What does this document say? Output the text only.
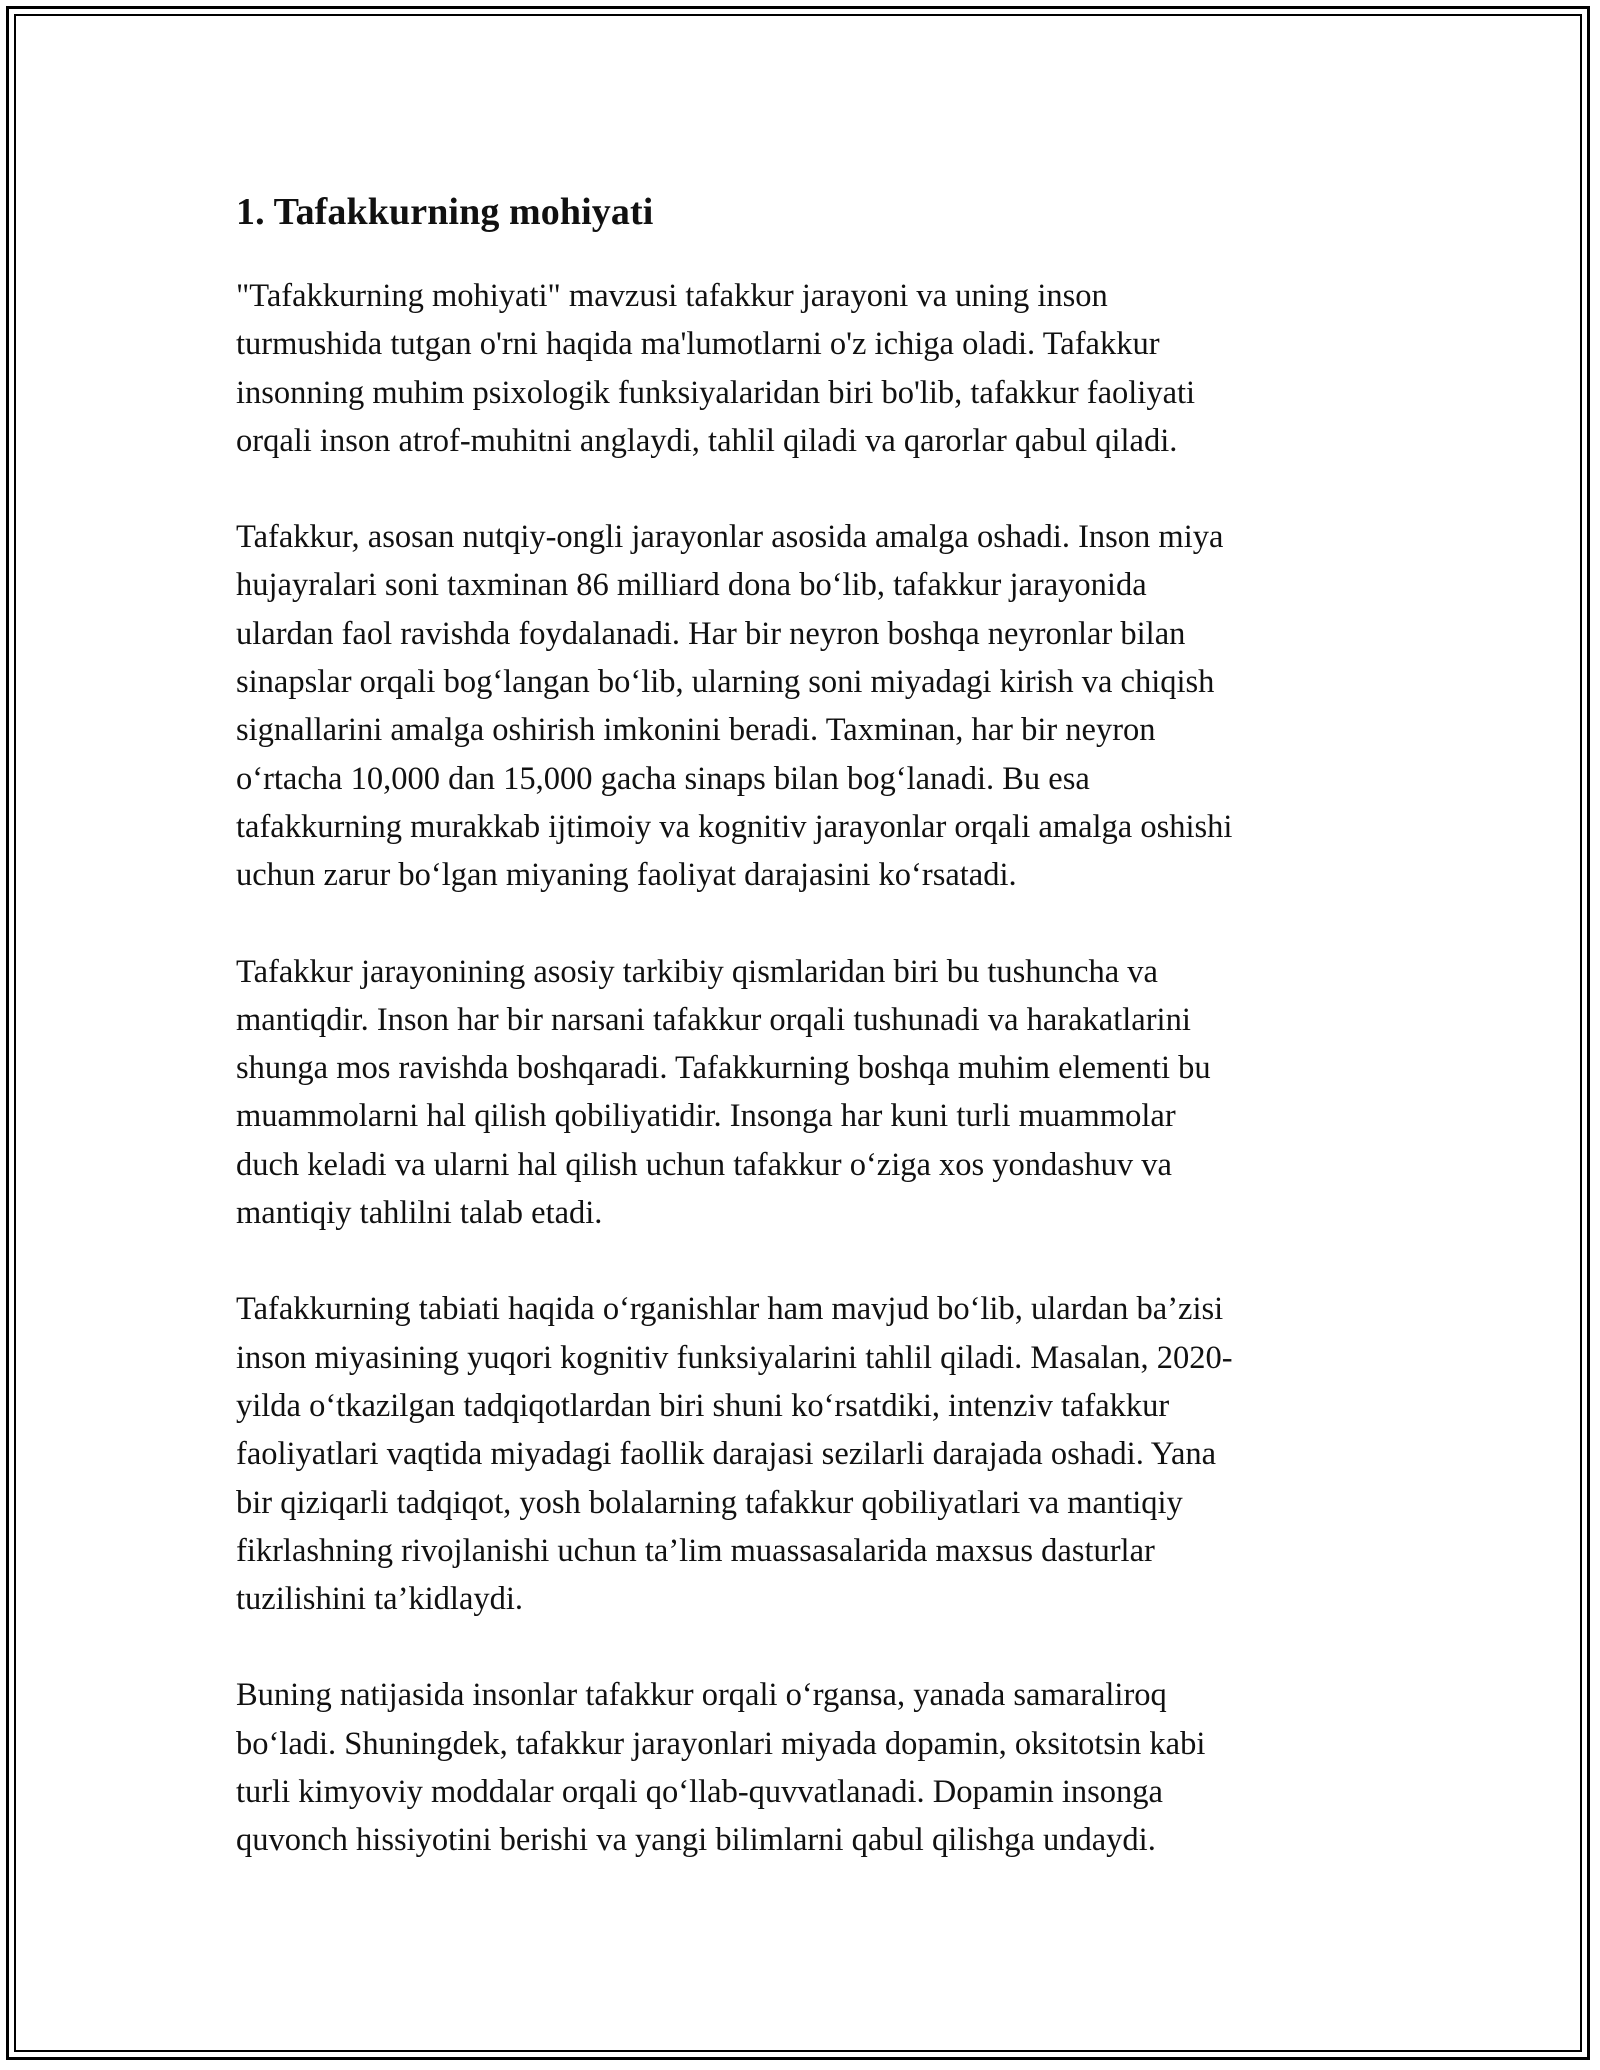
1. Tafakkurning mohiyati

"Tafakkurning mohiyati" mavzusi tafakkur jarayoni va uning inson
turmushida tutgan o'rni haqida ma'lumotlarni o'z ichiga oladi. Tafakkur
insonning muhim psixologik funksiyalaridan biri bo'lib, tafakkur faoliyati
orqali inson atrof-muhitni anglaydi, tahlil qiladi va qarorlar qabul qiladi.

Tafakkur, asosan nutqiy-ongli jarayonlar asosida amalga oshadi. Inson miya
hujayralari soni taxminan 86 milliard dona bo‘lib, tafakkur jarayonida
ulardan faol ravishda foydalanadi. Har bir neyron boshqa neyronlar bilan
sinapslar orqali bog‘langan bo‘lib, ularning soni miyadagi kirish va chiqish
signallarini amalga oshirish imkonini beradi. Taxminan, har bir neyron
o‘rtacha 10,000 dan 15,000 gacha sinaps bilan bog‘lanadi. Bu esa
tafakkurning murakkab ijtimoiy va kognitiv jarayonlar orqali amalga oshishi
uchun zarur bo‘lgan miyaning faoliyat darajasini ko‘rsatadi.

Tafakkur jarayonining asosiy tarkibiy qismlaridan biri bu tushuncha va
mantiqdir. Inson har bir narsani tafakkur orqali tushunadi va harakatlarini
shunga mos ravishda boshqaradi. Tafakkurning boshqa muhim elementi bu
muammolarni hal qilish qobiliyatidir. Insonga har kuni turli muammolar
duch keladi va ularni hal qilish uchun tafakkur o‘ziga xos yondashuv va
mantiqiy tahlilni talab etadi.

Tafakkurning tabiati haqida o‘rganishlar ham mavjud bo‘lib, ulardan ba’zisi
inson miyasining yuqori kognitiv funksiyalarini tahlil qiladi. Masalan, 2020-
yilda o‘tkazilgan tadqiqotlardan biri shuni ko‘rsatdiki, intenziv tafakkur
faoliyatlari vaqtida miyadagi faollik darajasi sezilarli darajada oshadi. Yana
bir qiziqarli tadqiqot, yosh bolalarning tafakkur qobiliyatlari va mantiqiy
fikrlashning rivojlanishi uchun ta’lim muassasalarida maxsus dasturlar
tuzilishini ta’kidlaydi.

Buning natijasida insonlar tafakkur orqali o‘rgansa, yanada samaraliroq
bo‘ladi. Shuningdek, tafakkur jarayonlari miyada dopamin, oksitotsin kabi
turli kimyoviy moddalar orqali qo‘llab-quvvatlanadi. Dopamin insonga
quvonch hissiyotini berishi va yangi bilimlarni qabul qilishga undaydi.
